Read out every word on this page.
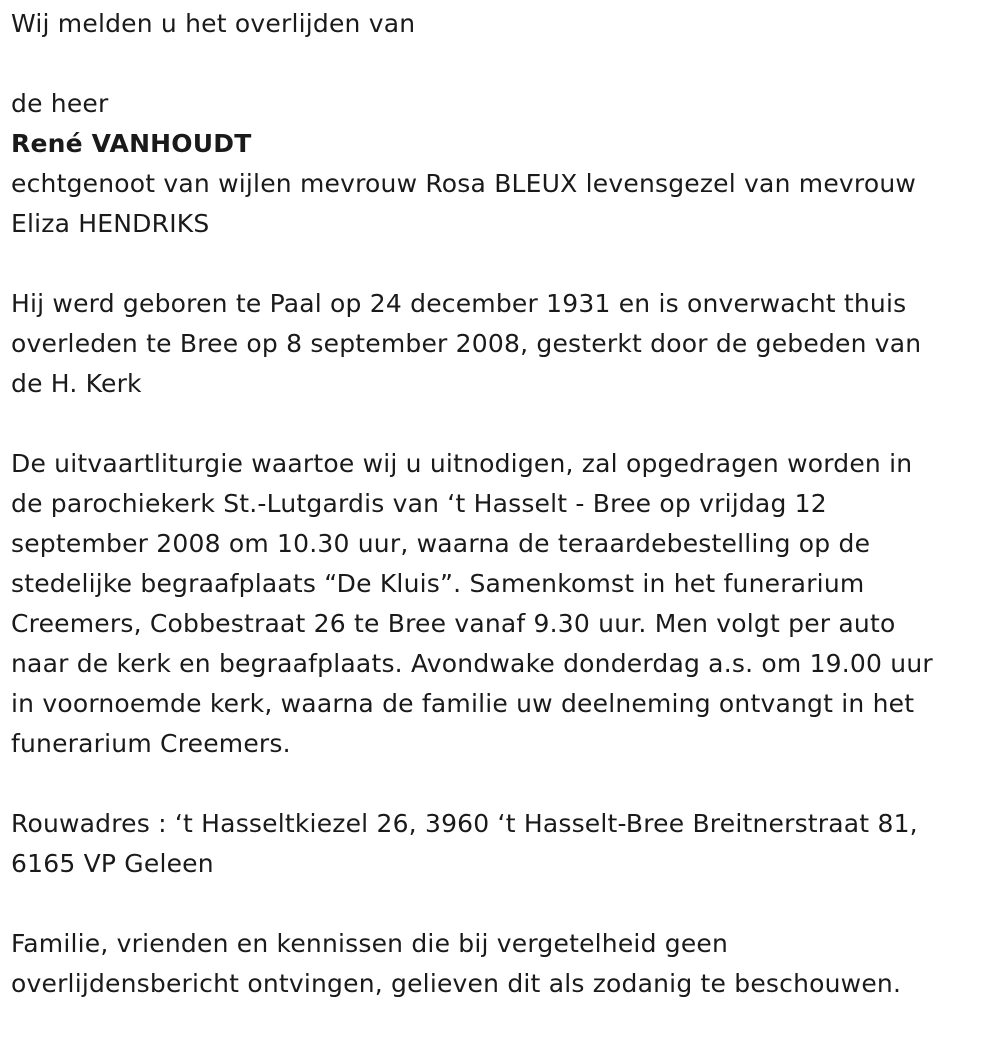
Wij melden u het overlijden van

de heer

René VANHOUDT

echtgenoot van wijlen mevrouw Rosa BLEUX levensgezel van mevrouw

Eliza HENDRIKS

Hij werd geboren te Paal op 24 december 1931 en is onverwacht thuis

overleden te Bree op 8 september 2008, gesterkt door de gebeden van

de H. Kerk

De uitvaartliturgie waartoe wij u uitnodigen, zal opgedragen worden in

de parochiekerk St.-Lutgardis van ‘t Hasselt - Bree op vrijdag 12

september 2008 om 10.30 uur, waarna de teraardebestelling op de

stedelijke begraafplaats “De Kluis”. Samenkomst in het funerarium

Creemers, Cobbestraat 26 te Bree vanaf 9.30 uur. Men volgt per auto

naar de kerk en begraafplaats. Avondwake donderdag a.s. om 19.00 uur

in voornoemde kerk, waarna de familie uw deelneming ontvangt in het

funerarium Creemers.

Rouwadres : ‘t Hasseltkiezel 26, 3960 ‘t Hasselt-Bree Breitnerstraat 81,

6165 VP Geleen

Familie, vrienden en kennissen die bij vergetelheid geen

overlijdensbericht ontvingen, gelieven dit als zodanig te beschouwen.
